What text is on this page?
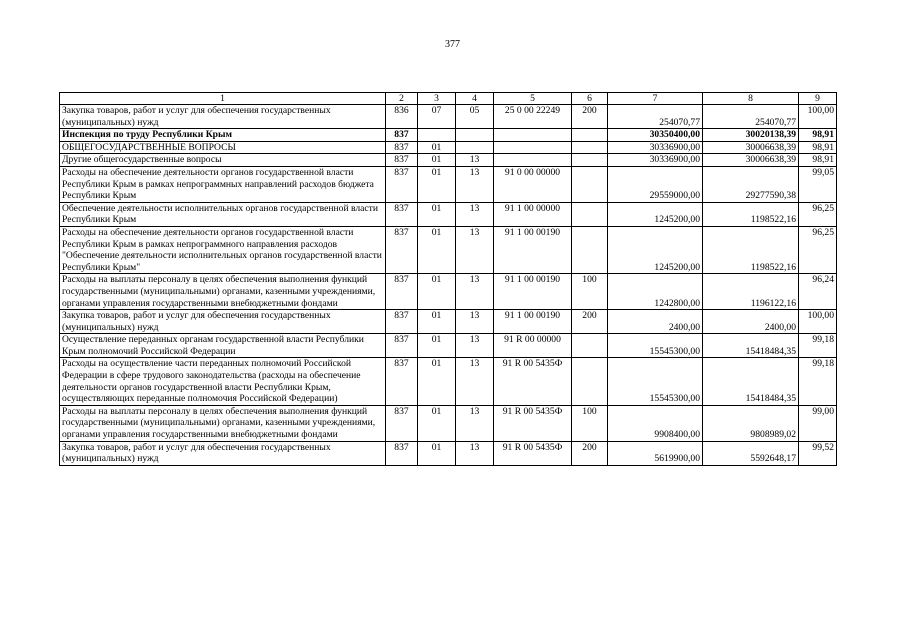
377
1	2	3	4	5	6	7	8	9
Закупка товаров, работ и услуг для обеспечения государственных (муниципальных) нужд	836	07	05	25 0 00 22249	200	254070,77	254070,77	100,00
Инспекция по труду Республики Крым	837					30350400,00	30020138,39	98,91
ОБЩЕГОСУДАРСТВЕННЫЕ ВОПРОСЫ	837	01				30336900,00	30006638,39	98,91
Другие общегосударственные вопросы	837	01	13			30336900,00	30006638,39	98,91
Расходы на обеспечение деятельности органов государственной власти Республики Крым в рамках непрограммных направлений расходов бюджета Республики Крым	837	01	13	91 0 00 00000		29559000,00	29277590,38	99,05
Обеспечение деятельности исполнительных органов государственной власти Республики Крым	837	01	13	91 1 00 00000		1245200,00	1198522,16	96,25
Расходы на обеспечение деятельности органов государственной власти Республики Крым в рамках непрограммного направления расходов "Обеспечение деятельности исполнительных органов государственной власти Республики Крым"	837	01	13	91 1 00 00190		1245200,00	1198522,16	96,25
Расходы на выплаты персоналу в целях обеспечения выполнения функций государственными (муниципальными) органами, казенными учреждениями, органами управления государственными внебюджетными фондами	837	01	13	91 1 00 00190	100	1242800,00	1196122,16	96,24
Закупка товаров, работ и услуг для обеспечения государственных (муниципальных) нужд	837	01	13	91 1 00 00190	200	2400,00	2400,00	100,00
Осуществление переданных органам государственной власти Республики Крым полномочий Российской Федерации	837	01	13	91 R 00 00000		15545300,00	15418484,35	99,18
Расходы на осуществление части переданных полномочий Российской Федерации в сфере трудового законодательства (расходы на обеспечение деятельности органов государственной власти Республики Крым, осуществляющих переданные полномочия Российской Федерации)	837	01	13	91 R 00 5435Ф		15545300,00	15418484,35	99,18
Расходы на выплаты персоналу в целях обеспечения выполнения функций государственными (муниципальными) органами, казенными учреждениями, органами управления государственными внебюджетными фондами	837	01	13	91 R 00 5435Ф	100	9908400,00	9808989,02	99,00
Закупка товаров, работ и услуг для обеспечения государственных (муниципальных) нужд	837	01	13	91 R 00 5435Ф	200	5619900,00	5592648,17	99,52
